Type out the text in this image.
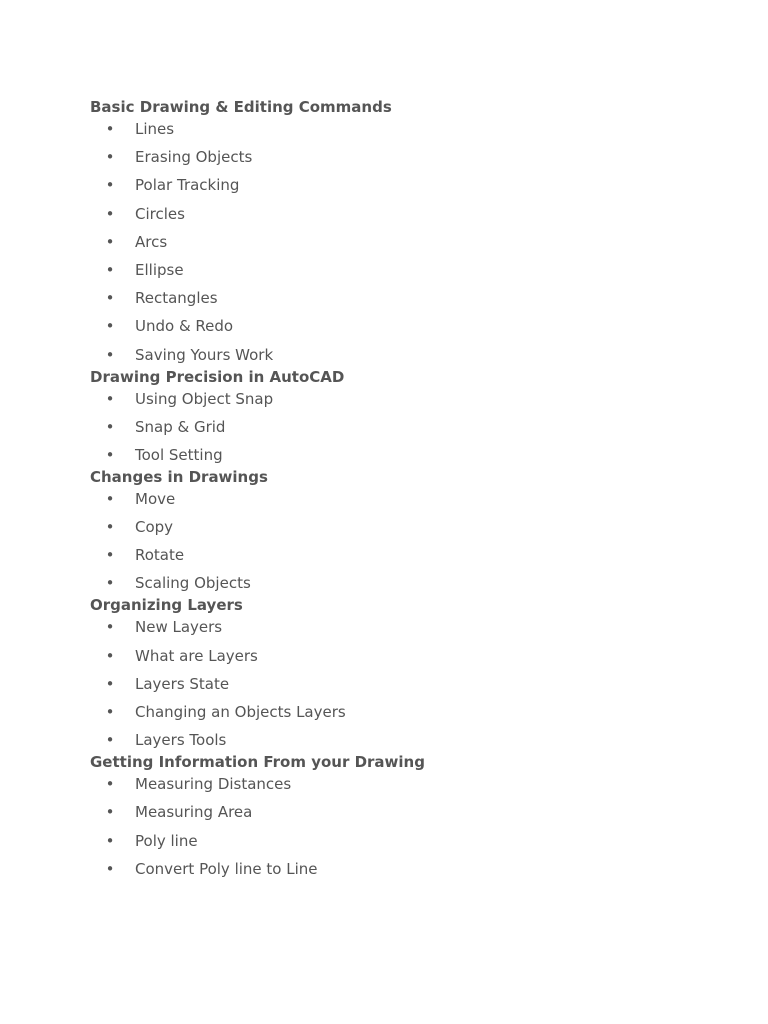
Basic Drawing & Editing Commands
• Lines
• Erasing Objects
• Polar Tracking
• Circles
• Arcs
• Ellipse
• Rectangles
• Undo & Redo
• Saving Yours Work
Drawing Precision in AutoCAD
• Using Object Snap
• Snap & Grid
• Tool Setting
Changes in Drawings
• Move
• Copy
• Rotate
• Scaling Objects
Organizing Layers
• New Layers
• What are Layers
• Layers State
• Changing an Objects Layers
• Layers Tools
Getting Information From your Drawing
• Measuring Distances
• Measuring Area
• Poly line
• Convert Poly line to Line
